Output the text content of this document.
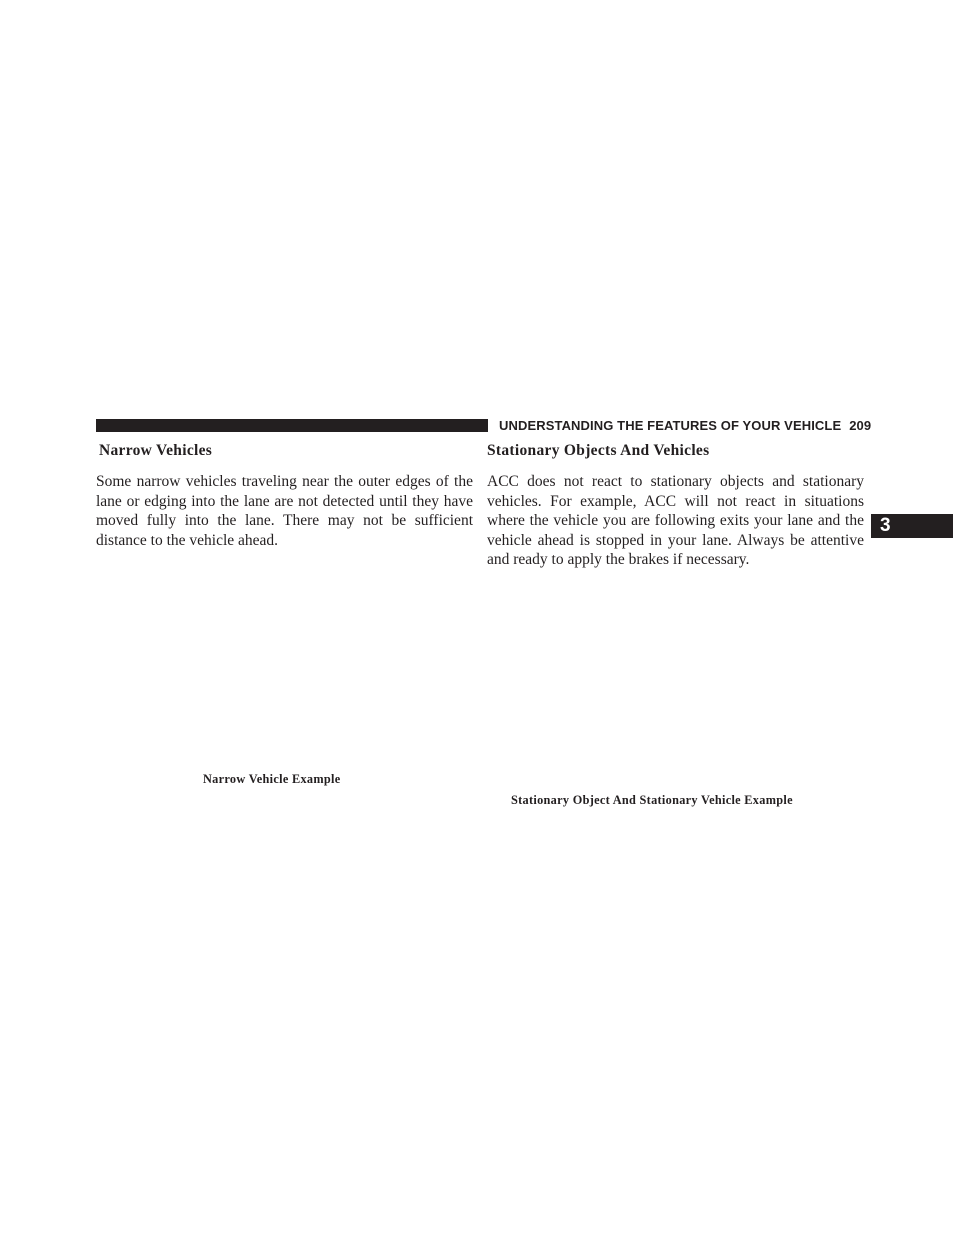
UNDERSTANDING THE FEATURES OF YOUR VEHICLE 209
3
Narrow Vehicles

Some narrow vehicles traveling near the outer edges of the lane or edging into the lane are not detected until they have moved fully into the lane. There may not be sufficient distance to the vehicle ahead.

Stationary Objects And Vehicles

ACC does not react to stationary objects and stationary vehicles. For example, ACC will not react in situations where the vehicle you are following exits your lane and the vehicle ahead is stopped in your lane. Always be attentive and ready to apply the brakes if necessary.

Narrow Vehicle Example
Stationary Object And Stationary Vehicle Example
